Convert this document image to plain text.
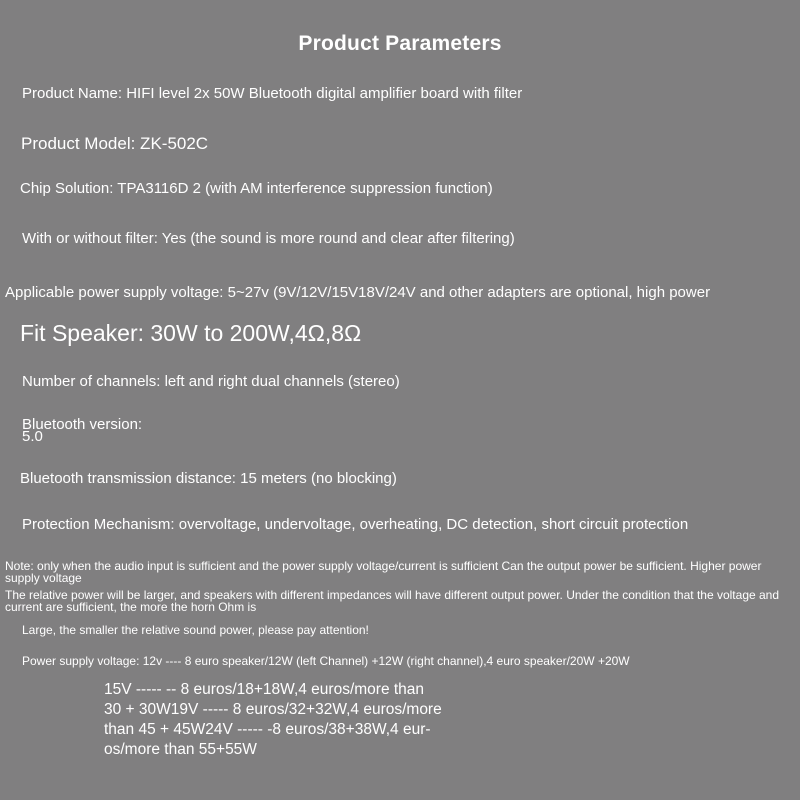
Product Parameters

Product Name: HIFI level 2x 50W Bluetooth digital amplifier board with filter

Product Model: ZK-502C

Chip Solution: TPA3116D 2 (with AM interference suppression function)

With or without filter: Yes (the sound is more round and clear after filtering)

Applicable power supply voltage: 5~27v (9V/12V/15V18V/24V and other adapters are optional, high power

Fit Speaker: 30W to 200W,4Ω,8Ω

Number of channels: left and right dual channels (stereo)

Bluetooth version:

5.0

Bluetooth transmission distance: 15 meters (no blocking)

Protection Mechanism: overvoltage, undervoltage, overheating, DC detection, short circuit protection

Note: only when the audio input is sufficient and the power supply voltage/current is sufficient Can the output power be sufficient. Higher power supply voltage

The relative power will be larger, and speakers with different impedances will have different output power. Under the condition that the voltage and current are sufficient, the more the horn Ohm is

Large, the smaller the relative sound power, please pay attention!

Power supply voltage: 12v ---- 8 euro speaker/12W (left Channel) +12W (right channel),4 euro speaker/20W +20W

15V ----- -- 8 euros/18+18W,4 euros/more than
30 + 30W19V ----- 8 euros/32+32W,4 euros/more
than 45 + 45W24V ----- -8 euros/38+38W,4 eur-
os/more than 55+55W
